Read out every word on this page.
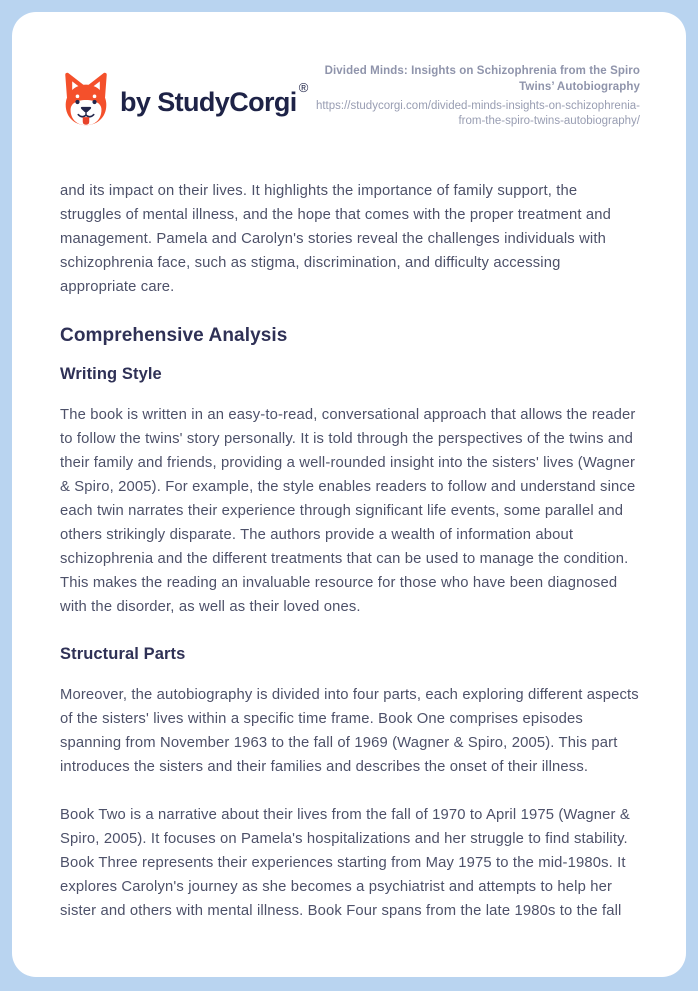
by StudyCorgi ®
Divided Minds: Insights on Schizophrenia from the Spiro Twins’ Autobiography
https://studycorgi.com/divided-minds-insights-on-schizophrenia-from-the-spiro-twins-autobiography/

and its impact on their lives. It highlights the importance of family support, the struggles of mental illness, and the hope that comes with the proper treatment and management. Pamela and Carolyn's stories reveal the challenges individuals with schizophrenia face, such as stigma, discrimination, and difficulty accessing appropriate care.

Comprehensive Analysis
Writing Style

The book is written in an easy-to-read, conversational approach that allows the reader to follow the twins' story personally. It is told through the perspectives of the twins and their family and friends, providing a well-rounded insight into the sisters' lives (Wagner & Spiro, 2005). For example, the style enables readers to follow and understand since each twin narrates their experience through significant life events, some parallel and others strikingly disparate. The authors provide a wealth of information about schizophrenia and the different treatments that can be used to manage the condition. This makes the reading an invaluable resource for those who have been diagnosed with the disorder, as well as their loved ones.

Structural Parts

Moreover, the autobiography is divided into four parts, each exploring different aspects of the sisters' lives within a specific time frame. Book One comprises episodes spanning from November 1963 to the fall of 1969 (Wagner & Spiro, 2005). This part introduces the sisters and their families and describes the onset of their illness.

Book Two is a narrative about their lives from the fall of 1970 to April 1975 (Wagner & Spiro, 2005). It focuses on Pamela's hospitalizations and her struggle to find stability. Book Three represents their experiences starting from May 1975 to the mid-1980s. It explores Carolyn's journey as she becomes a psychiatrist and attempts to help her sister and others with mental illness. Book Four spans from the late 1980s to the fall
